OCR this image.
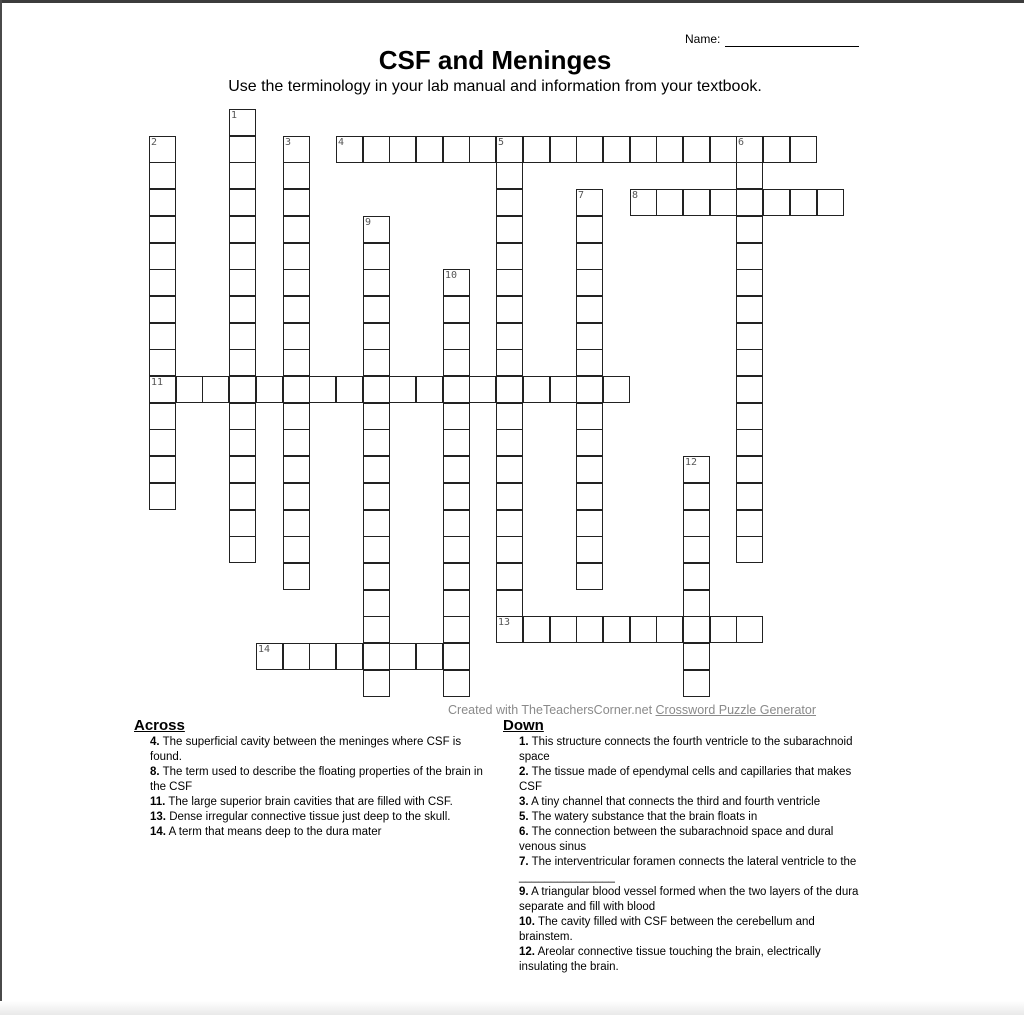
Name:
CSF and Meninges
Use the terminology in your lab manual and information from your textbook.
1
2
11
3	4	5	6
13
7	8
9
10
12
14
Created with TheTeachersCorner.net Crossword Puzzle Generator
Across
4. The superficial cavity between the meninges where CSF is found.
8. The term used to describe the floating properties of the brain in the CSF
11. The large superior brain cavities that are filled with CSF.
13. Dense irregular connective tissue just deep to the skull.
14. A term that means deep to the dura mater
Down
1. This structure connects the fourth ventricle to the subarachnoid space
2. The tissue made of ependymal cells and capillaries that makes CSF
3. A tiny channel that connects the third and fourth ventricle
5. The watery substance that the brain floats in
6. The connection between the subarachnoid space and dural venous sinus
7. The interventricular foramen connects the lateral ventricle to the _______________
9. A triangular blood vessel formed when the two layers of the dura separate and fill with blood
10. The cavity filled with CSF between the cerebellum and brainstem.
12. Areolar connective tissue touching the brain, electrically insulating the brain.
